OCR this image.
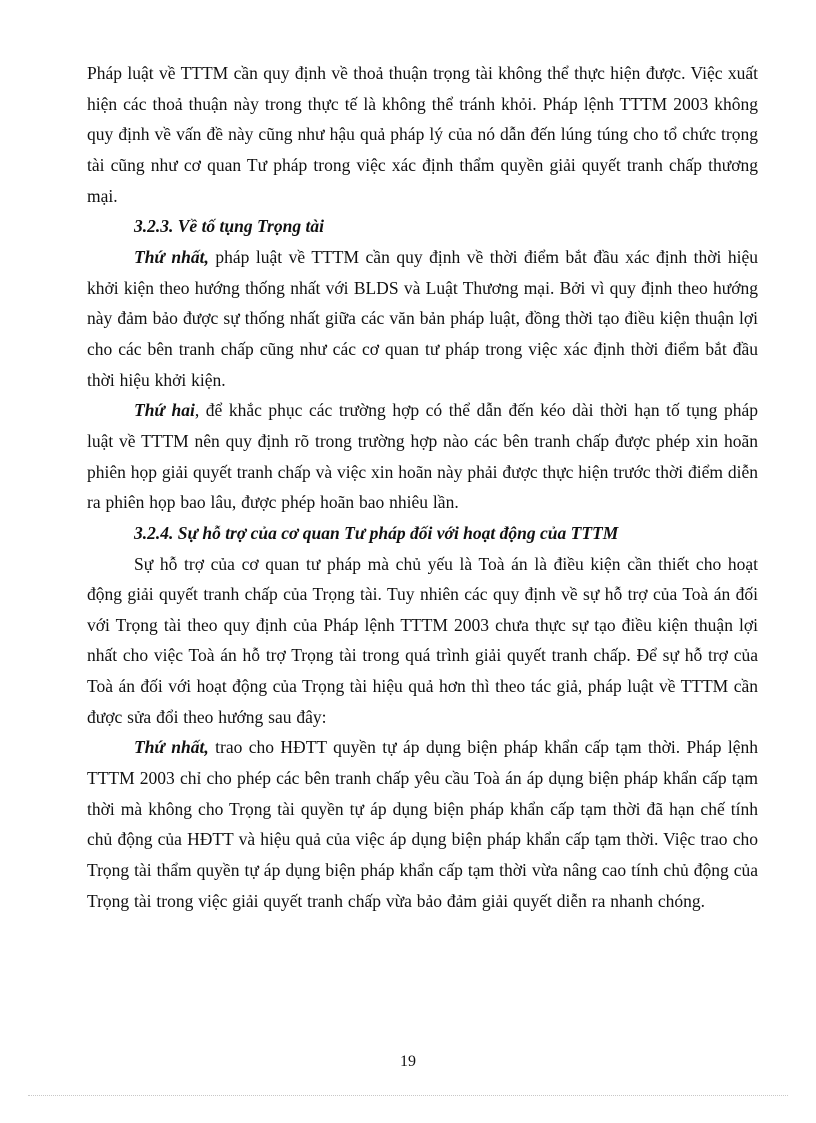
Pháp luật về TTTM cần quy định về thoả thuận trọng tài không thể thực hiện được. Việc xuất hiện các thoả thuận này trong thực tế là không thể tránh khỏi. Pháp lệnh TTTM 2003 không quy định về vấn đề này cũng như hậu quả pháp lý của nó dẫn đến lúng túng cho tổ chức trọng tài cũng như cơ quan Tư pháp trong việc xác định thẩm quyền giải quyết tranh chấp thương mại.

3.2.3. Về tố tụng Trọng tài

Thứ nhất, pháp luật về TTTM cần quy định về thời điểm bắt đầu xác định thời hiệu khởi kiện theo hướng thống nhất với BLDS và Luật Thương mại. Bởi vì quy định theo hướng này đảm bảo được sự thống nhất giữa các văn bản pháp luật, đồng thời tạo điều kiện thuận lợi cho các bên tranh chấp cũng như các cơ quan tư pháp trong việc xác định thời điểm bắt đầu thời hiệu khởi kiện.

Thứ hai, để khắc phục các trường hợp có thể dẫn đến kéo dài thời hạn tố tụng pháp luật về TTTM nên quy định rõ trong trường hợp nào các bên tranh chấp được phép xin hoãn phiên họp giải quyết tranh chấp và việc xin hoãn này phải được thực hiện trước thời điểm diễn ra phiên họp bao lâu, được phép hoãn bao nhiêu lần.

3.2.4. Sự hỗ trợ của cơ quan Tư pháp đối với hoạt động của TTTM

Sự hỗ trợ của cơ quan tư pháp mà chủ yếu là Toà án là điều kiện cần thiết cho hoạt động giải quyết tranh chấp của Trọng tài. Tuy nhiên các quy định về sự hỗ trợ của Toà án đối với Trọng tài theo quy định của Pháp lệnh TTTM 2003 chưa thực sự tạo điều kiện thuận lợi nhất cho việc Toà án hỗ trợ Trọng tài trong quá trình giải quyết tranh chấp. Để sự hỗ trợ của Toà án đối với hoạt động của Trọng tài hiệu quả hơn thì theo tác giả, pháp luật về TTTM cần được sửa đổi theo hướng sau đây:

Thứ nhất, trao cho HĐTT quyền tự áp dụng biện pháp khẩn cấp tạm thời. Pháp lệnh TTTM 2003 chỉ cho phép các bên tranh chấp yêu cầu Toà án áp dụng biện pháp khẩn cấp tạm thời mà không cho Trọng tài quyền tự áp dụng biện pháp khẩn cấp tạm thời đã hạn chế tính chủ động của HĐTT và hiệu quả của việc áp dụng biện pháp khẩn cấp tạm thời. Việc trao cho Trọng tài thẩm quyền tự áp dụng biện pháp khẩn cấp tạm thời vừa nâng cao tính chủ động của Trọng tài trong việc giải quyết tranh chấp vừa bảo đảm giải quyết diễn ra nhanh chóng.

19
